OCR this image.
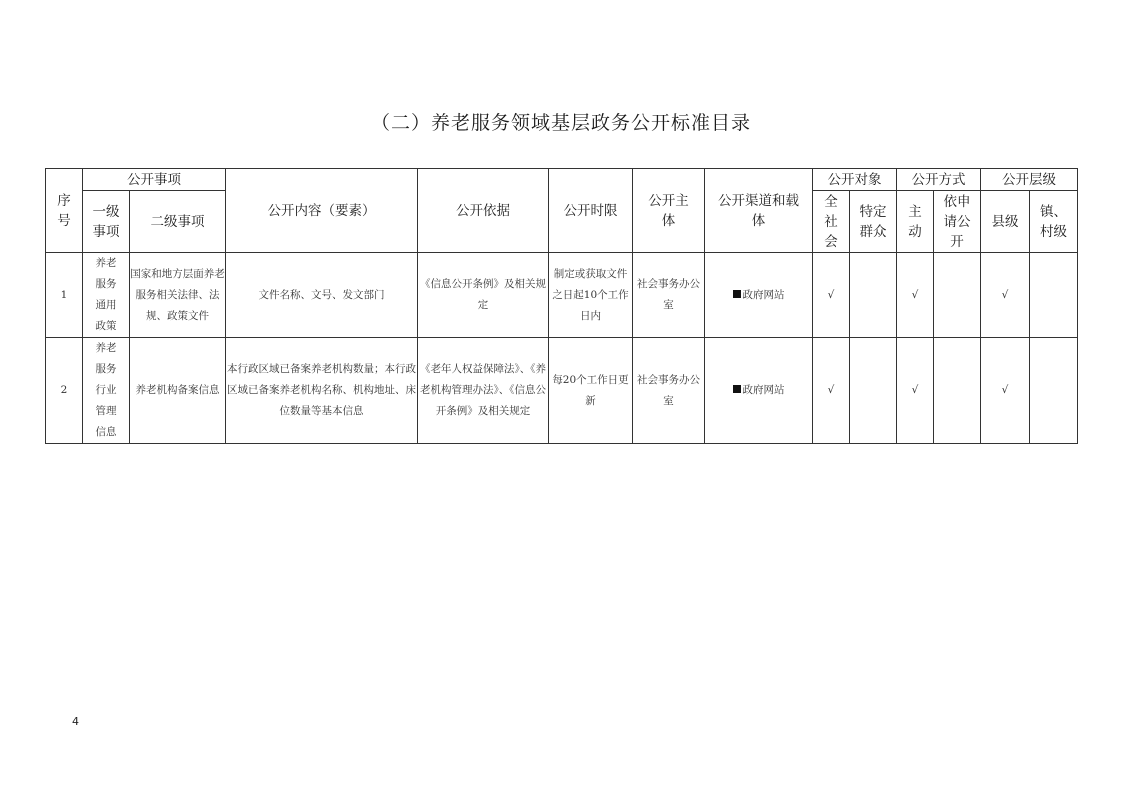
（二）养老服务领域基层政务公开标准目录
序号	公开事项		公开内容（要素）	公开依据	公开时限	公开主体	公开渠道和载体	公开对象		公开方式		公开层级	
	一级事项	二级事项						全社会	特定群众	主动	依申请公开	县级	镇、村级
1	养老服务通用政策	国家和地方层面养老服务相关法律、法规、政策文件	文件名称、文号、发文部门	《信息公开条例》及相关规定	制定或获取文件之日起10个工作日内	社会事务办公室	政府网站	√		√		√	
2	养老服务行业管理信息	养老机构备案信息	本行政区域已备案养老机构数量；本行政区域已备案养老机构名称、机构地址、床位数量等基本信息	《老年人权益保障法》、《养老机构管理办法》、《信息公开条例》及相关规定	每20个工作日更新	社会事务办公室	政府网站	√		√		√	
4
